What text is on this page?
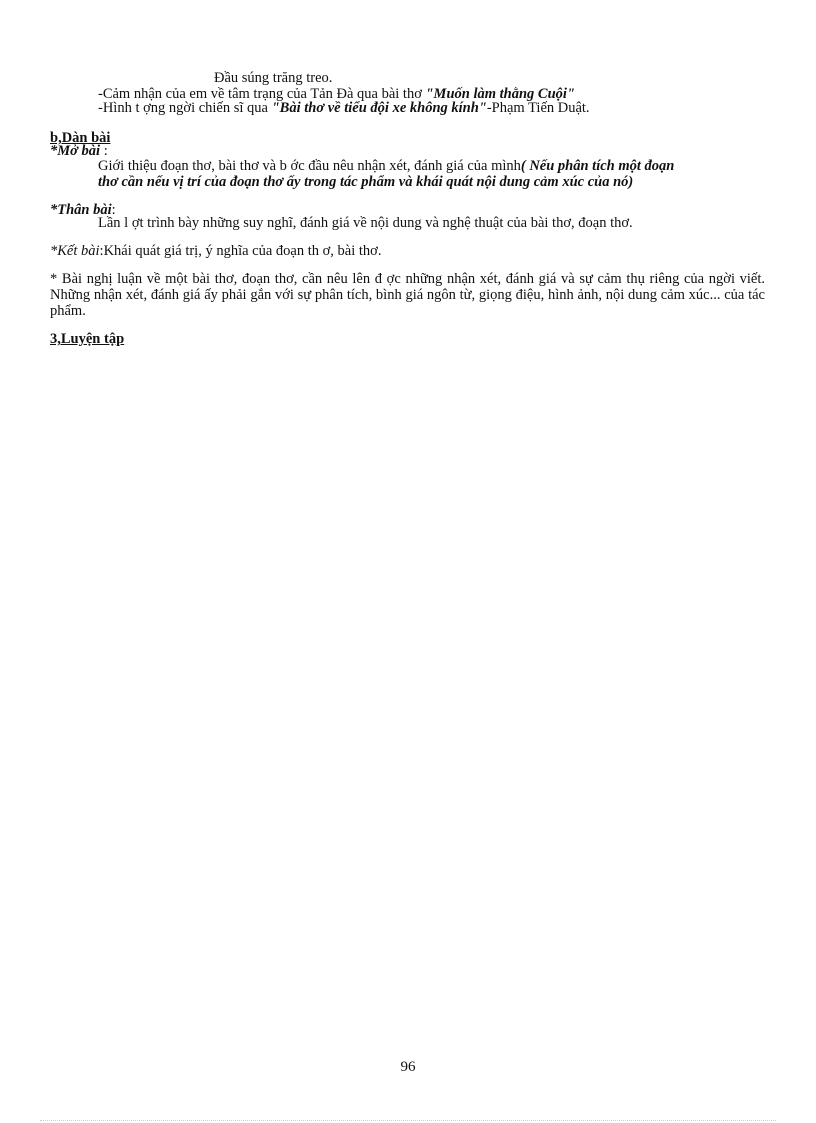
Đầu súng trăng treo.
-Cảm nhận của em về tâm trạng của Tản Đà qua bài thơ "Muốn làm thằng Cuội"
-Hình t ợng ngời chiến sĩ qua "Bài thơ về tiểu đội xe không kính"-Phạm Tiến Duật.
b,Dàn bài
*Mở bài :
Giới thiệu đoạn thơ, bài thơ và b ớc đầu nêu nhận xét, đánh giá của mình( Nếu phân tích một đoạn
thơ cần nếu vị trí của đoạn thơ ấy trong tác phẩm và khái quát nội dung cảm xúc của nó)
*Thân bài:
Lần l ợt trình bày những suy nghĩ, đánh giá về nội dung và nghệ thuật của bài thơ, đoạn thơ.
*Kết bài:Khái quát giá trị, ý nghĩa của đoạn th ơ, bài thơ.
* Bài nghị luận về một bài thơ, đoạn thơ, cần nêu lên đ ợc những nhận xét, đánh giá và sự cảm thụ riêng của ngời viết. Những nhận xét, đánh giá ấy phải gắn với sự phân tích, bình giá ngôn từ, giọng điệu, hình ảnh, nội dung cảm xúc... của tác phẩm.
3,Luyện tập
96
